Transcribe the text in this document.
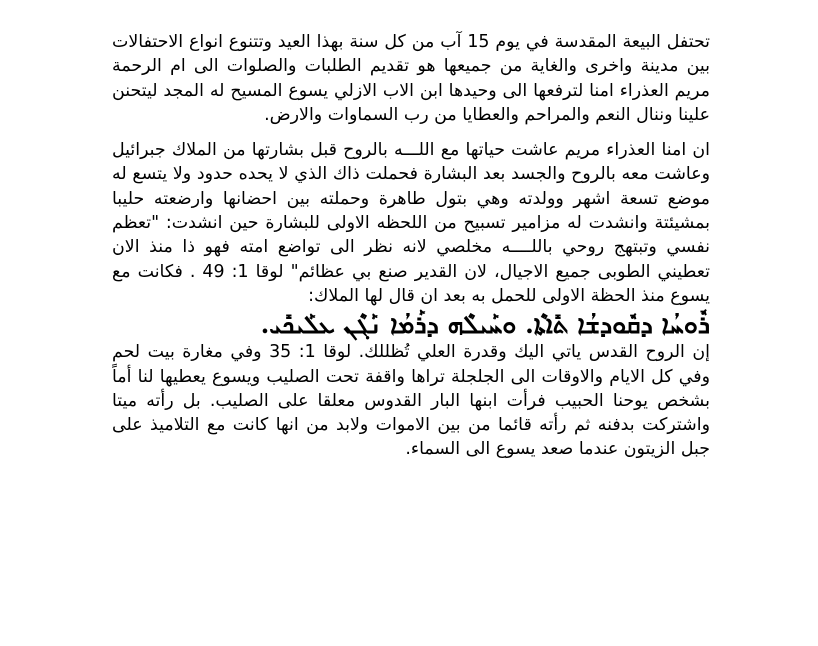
تحتفل البيعة المقدسة في يوم 15 آب من كل سنة بهذا العيد وتتنوع انواع الاحتفالات بين مدينة واخرى والغاية من جميعها هو تقديم الطلبات والصلوات الى ام الرحمة مريم العذراء امنا لترفعها الى وحيدها ابن الاب الازلي يسوع المسيح له المجد ليتحنن علينا وننال النعم والمراحم والعطايا من رب السماوات والارض.

ان امنا العذراء مريم عاشت حياتها مع اللـــه بالروح قبل بشارتها من الملاك جبرائيل وعاشت معه بالروح والجسد بعد البشارة فحملت ذاك الذي لا يحده حدود ولا يتسع له موضع تسعة اشهر وولدته وهي بتول طاهرة وحملته بين احضانها وارضعته حليبا بمشيئتة وانشدت له مزامير تسبيح من اللحظه الاولى للبشارة حين انشدت: "تعظم نفسي وتبتهج روحي باللــــه مخلصي لانه نظر الى تواضع امته فهو ذا منذ الان تعطيني الطوبى جميع الاجيال، لان القدير صنع بي عظائم" لوقا 1: 49 . فكانت مع يسوع منذ الحظة الاولى للحمل به بعد ان قال لها الملاك:

ܪܽܘܚܳܐ ܕܩܽܘܕܫܳܐ ܬܺܐܬܶܐ. ܘܚܰܝܠܶܗ ܕܪܰܡܳܐ ܢܰܓܶܢ ܥܠܰܝܟܺܝ.

إن الروح القدس ياتي اليك وقدرة العلي تُظللك. لوقا 1: 35 وفي مغارة بيت لحم وفي كل الايام والاوقات الى الجلجلة تراها واقفة تحت الصليب ويسوع يعطيها لنا أماً بشخص يوحنا الحبيب فرأت ابنها البار القدوس معلقا على الصليب. بل رأته ميتا واشتركت بدفنه ثم رأته قائما من بين الاموات ولابد من انها كانت مع التلاميذ على جبل الزيتون عندما صعد يسوع الى السماء.
